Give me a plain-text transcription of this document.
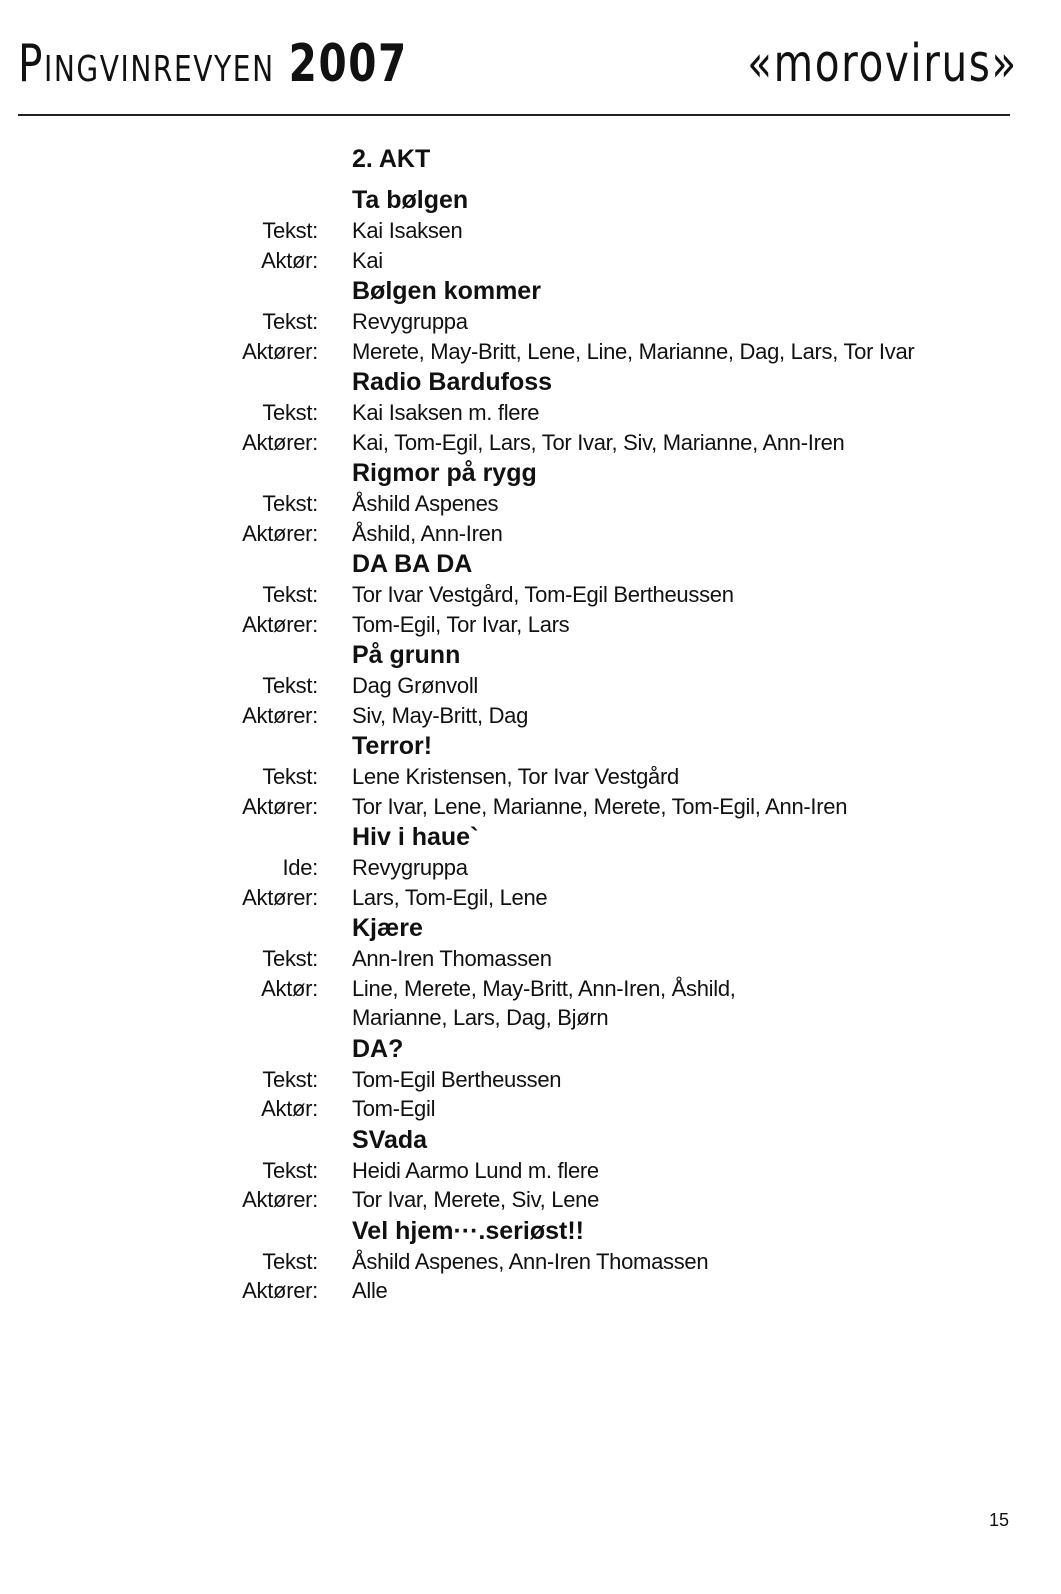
Pingvinrevyen 2007	«morovirus»
2. AKT
Ta bølgen
Tekst: Kai Isaksen
Aktør: Kai
Bølgen kommer
Tekst: Revygruppa
Aktører: Merete, May-Britt, Lene, Line, Marianne, Dag, Lars, Tor Ivar
Radio Bardufoss
Tekst: Kai Isaksen m. flere
Aktører: Kai, Tom-Egil, Lars, Tor Ivar, Siv, Marianne, Ann-Iren
Rigmor på rygg
Tekst: Åshild Aspenes
Aktører: Åshild, Ann-Iren
DA BA DA
Tekst: Tor Ivar Vestgård, Tom-Egil Bertheussen
Aktører: Tom-Egil, Tor Ivar, Lars
På grunn
Tekst: Dag Grønvoll
Aktører: Siv, May-Britt, Dag
Terror!
Tekst: Lene Kristensen, Tor Ivar Vestgård
Aktører: Tor Ivar, Lene, Marianne, Merete, Tom-Egil, Ann-Iren
Hiv i haue`
Ide: Revygruppa
Aktører: Lars, Tom-Egil, Lene
Kjære
Tekst: Ann-Iren Thomassen
Aktør: Line, Merete, May-Britt, Ann-Iren, Åshild,
Marianne, Lars, Dag, Bjørn
DA?
Tekst: Tom-Egil Bertheussen
Aktør: Tom-Egil
SVada
Tekst: Heidi Aarmo Lund m. flere
Aktører: Tor Ivar, Merete, Siv, Lene
Vel hjem···.seriøst!!
Tekst: Åshild Aspenes, Ann-Iren Thomassen
Aktører: Alle
15
